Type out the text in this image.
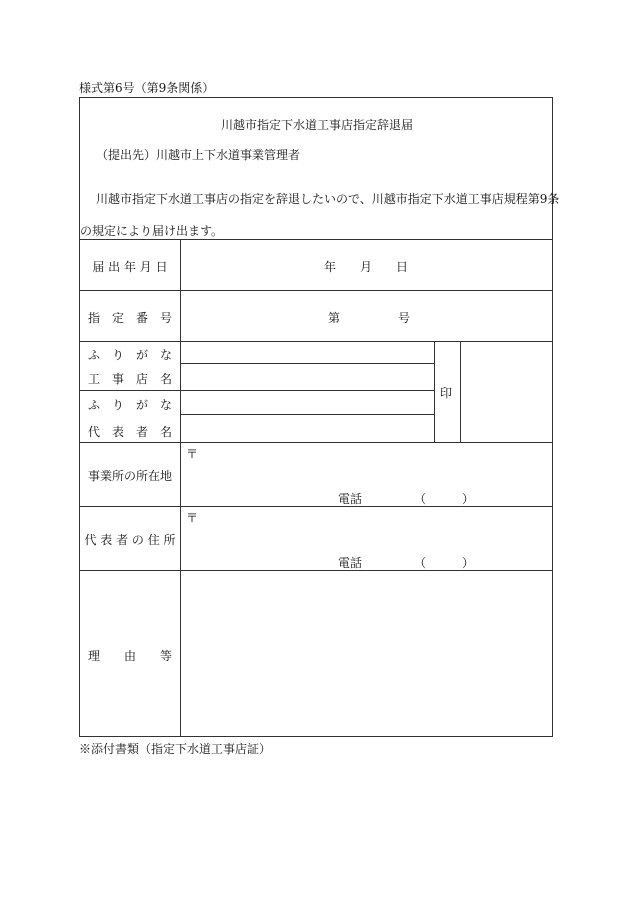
様式第6号（第9条関係）
川越市指定下水道工事店指定辞退届
（提出先）川越市上下水道事業管理者
川越市指定下水道工事店の指定を辞退したいので、川越市指定下水道工事店規程第9条
の規定により届け出ます。
届 出 年 月 日	年　　月　　日
指　定　番　号	第	号
ふ　り　が　な
工　事　店　名
ふ　り　が　な
代　表　者　名
印
事業所の所在地
〒
電話	（　　　）
代 表 者 の 住 所
〒
電話	（　　　）
理　　由　　等
※添付書類（指定下水道工事店証）
